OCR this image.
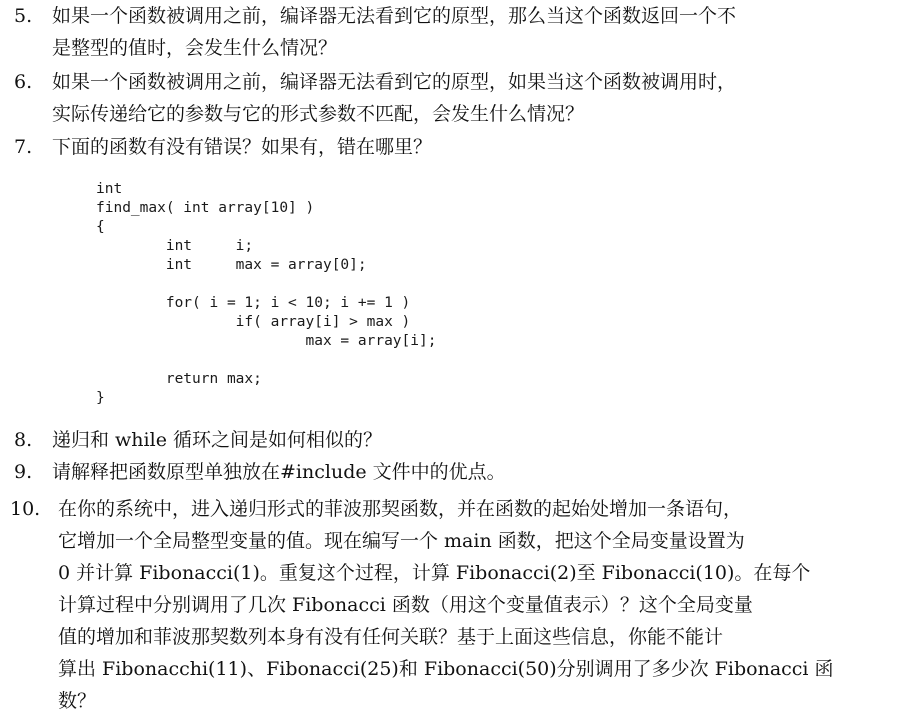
5. 如果一个函数被调用之前，编译器无法看到它的原型，那么当这个函数返回一个不
是整型的值时，会发生什么情况？
6. 如果一个函数被调用之前，编译器无法看到它的原型，如果当这个函数被调用时，
实际传递给它的参数与它的形式参数不匹配，会发生什么情况？
7. 下面的函数有没有错误？如果有，错在哪里？
int
find_max( int array[10] )
{
int     i;
int     max = array[0];
for( i = 1; i < 10; i += 1 )
if( array[i] > max )
max = array[i];
return max;
}
8. 递归和 while 循环之间是如何相似的？
9. 请解释把函数原型单独放在#include 文件中的优点。
10. 在你的系统中，进入递归形式的菲波那契函数，并在函数的起始处增加一条语句，
它增加一个全局整型变量的值。现在编写一个 main 函数，把这个全局变量设置为
0 并计算 Fibonacci(1)。重复这个过程，计算 Fibonacci(2)至 Fibonacci(10)。在每个
计算过程中分别调用了几次 Fibonacci 函数（用这个变量值表示）？这个全局变量
值的增加和菲波那契数列本身有没有任何关联？基于上面这些信息，你能不能计
算出 Fibonacchi(11)、Fibonacci(25)和 Fibonacci(50)分别调用了多少次 Fibonacci 函
数？
